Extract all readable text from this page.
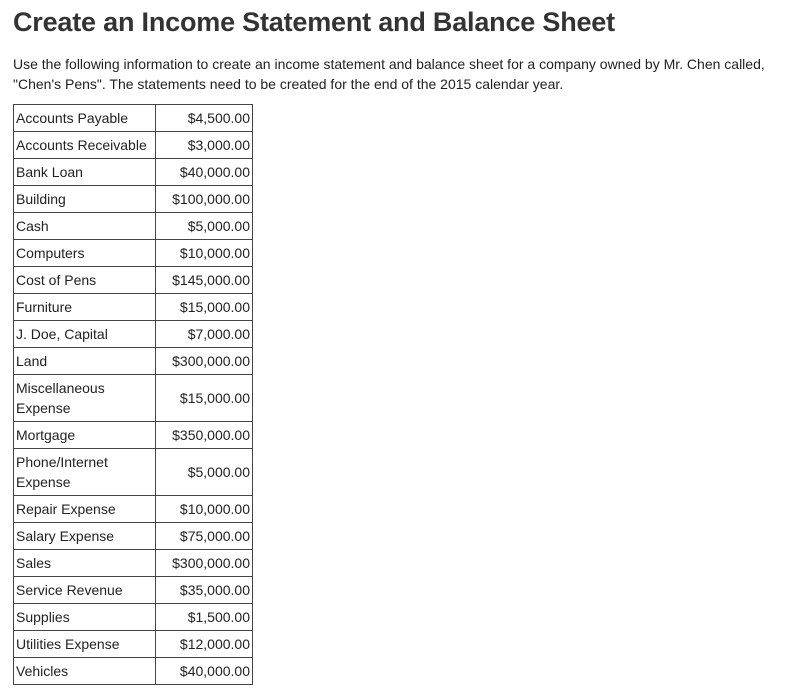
Create an Income Statement and Balance Sheet

Use the following information to create an income statement and balance sheet for a company owned by Mr. Chen called, "Chen's Pens". The statements need to be created for the end of the 2015 calendar year.

Accounts Payable	$4,500.00
Accounts Receivable	$3,000.00
Bank Loan	$40,000.00
Building	$100,000.00
Cash	$5,000.00
Computers	$10,000.00
Cost of Pens	$145,000.00
Furniture	$15,000.00
J. Doe, Capital	$7,000.00
Land	$300,000.00
Miscellaneous Expense	$15,000.00
Mortgage	$350,000.00
Phone/Internet Expense	$5,000.00
Repair Expense	$10,000.00
Salary Expense	$75,000.00
Sales	$300,000.00
Service Revenue	$35,000.00
Supplies	$1,500.00
Utilities Expense	$12,000.00
Vehicles	$40,000.00
